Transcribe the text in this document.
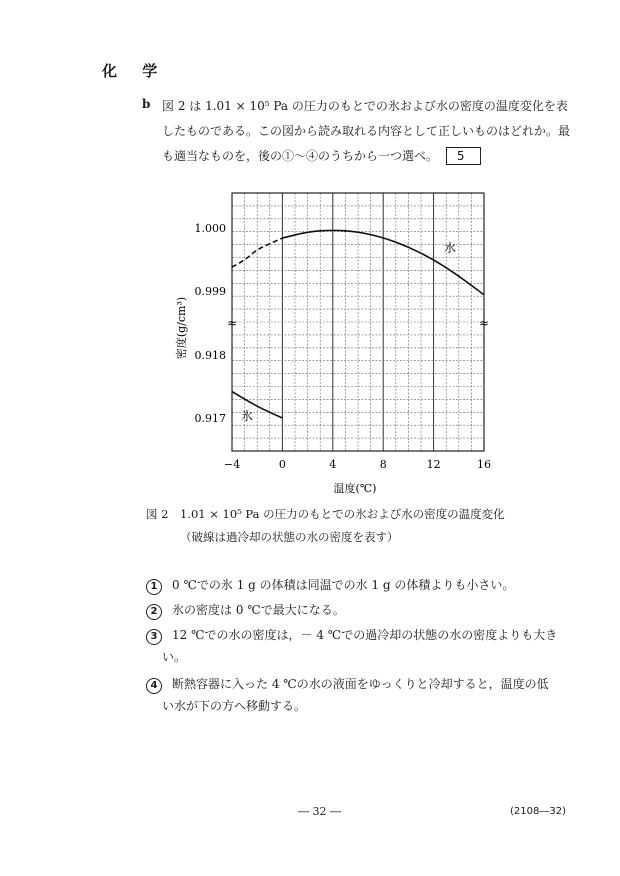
化 学
b 図 2 は 1.01 × 10⁵ Pa の圧力のもとでの氷および水の密度の温度変化を表
したものである。この図から読み取れる内容として正しいものはどれか。最
も適当なものを，後の①～④のうちから一つ選べ。 5
−4	0	4	8	12	16
1.000
0.999
0.918
0.917
≈	≈
密度(g/cm³)
温度(℃)
水
氷
図 2　1.01 × 10⁵ Pa の圧力のもとでの氷および水の密度の温度変化
（破線は過冷却の状態の水の密度を表す）
1 0 ℃での氷 1 g の体積は同温での水 1 g の体積よりも小さい。
2 氷の密度は 0 ℃で最大になる。
3 12 ℃での水の密度は，－ 4 ℃での過冷却の状態の水の密度よりも大き
い。
4 断熱容器に入った 4 ℃の水の液面をゆっくりと冷却すると，温度の低
い水が下の方へ移動する。
― 32 ―	(2108―32)
